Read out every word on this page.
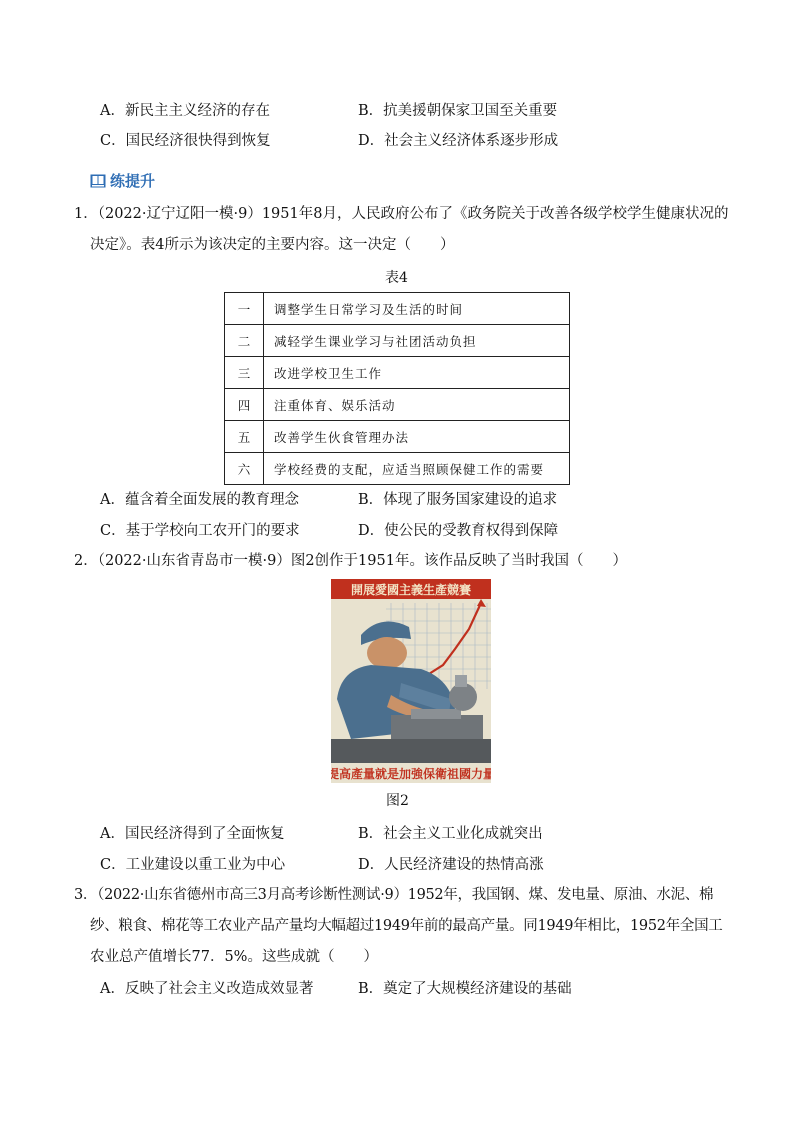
A．新民主主义经济的存在	B．抗美援朝保家卫国至关重要
C．国民经济很快得到恢复	D．社会主义经济体系逐步形成
练提升
1．（2022·辽宁辽阳一模·9）1951年8月，人民政府公布了《政务院关于改善各级学校学生健康状况的
决定》。表4所示为该决定的主要内容。这一决定（　　）
表4
一	调整学生日常学习及生活的时间
二	减轻学生课业学习与社团活动负担
三	改进学校卫生工作
四	注重体育、娱乐活动
五	改善学生伙食管理办法
六	学校经费的支配，应适当照顾保健工作的需要
A．蕴含着全面发展的教育理念	B．体现了服务国家建设的追求
C．基于学校向工农开门的要求	D．使公民的受教育权得到保障
2．（2022·山东省青岛市一模·9）图2创作于1951年。该作品反映了当时我国（　　）
開展愛國主義生產競賽
提高產量就是加強保衛祖國力量
图2
A．国民经济得到了全面恢复	B．社会主义工业化成就突出
C．工业建设以重工业为中心	D．人民经济建设的热情高涨
3．（2022·山东省德州市高三3月高考诊断性测试·9）1952年，我国钢、煤、发电量、原油、水泥、棉
纱、粮食、棉花等工农业产品产量均大幅超过1949年前的最高产量。同1949年相比，1952年全国工
农业总产值增长77．5%。这些成就（　　）
A．反映了社会主义改造成效显著	B．奠定了大规模经济建设的基础
